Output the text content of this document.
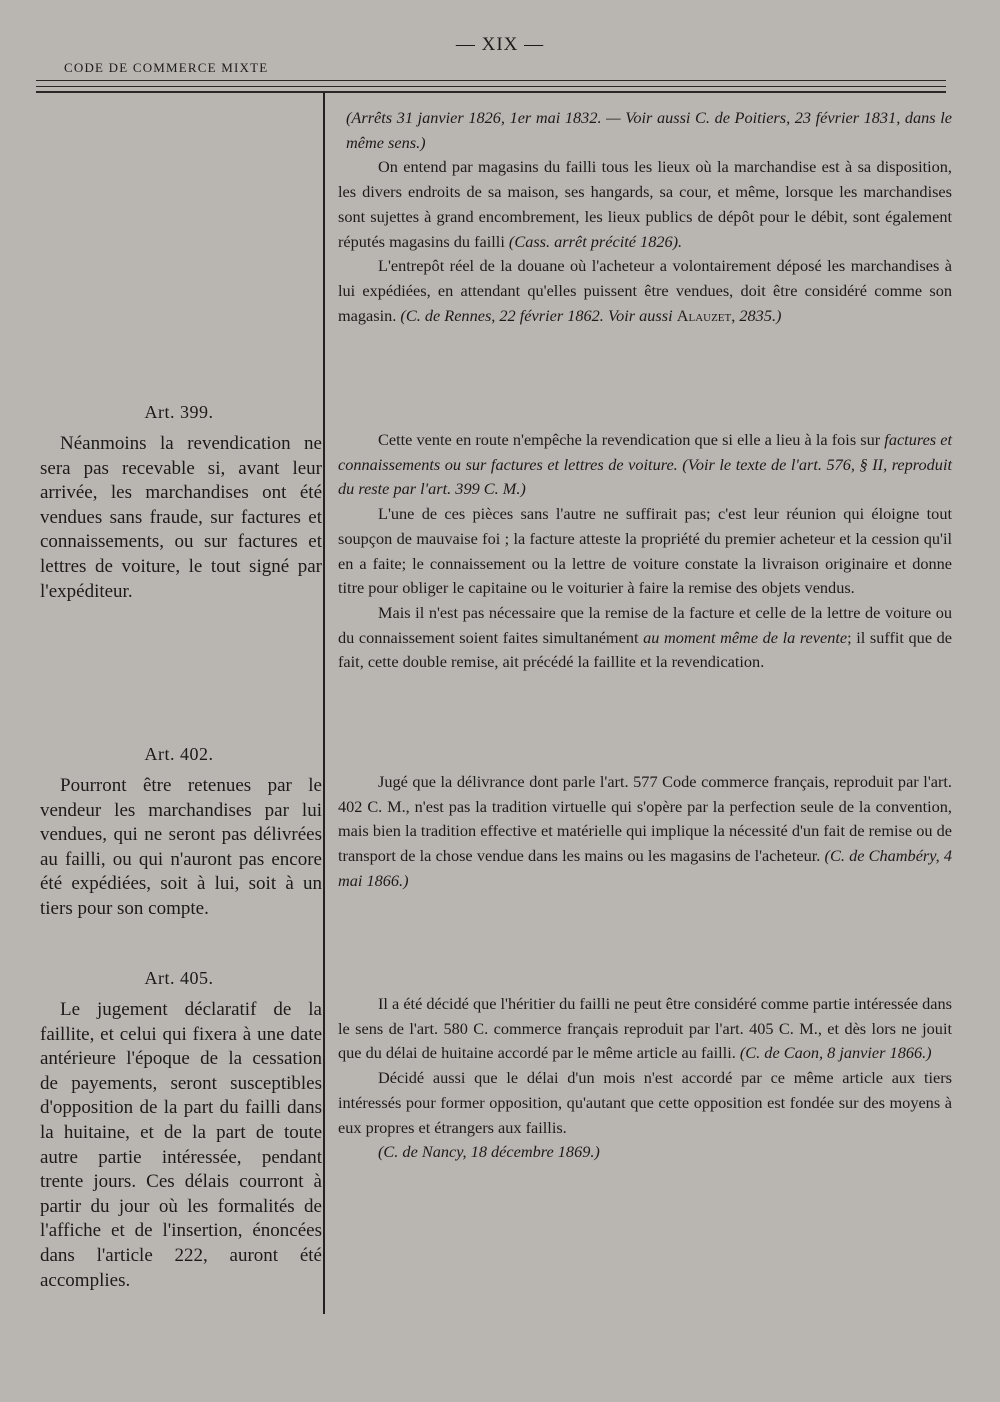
— XIX —
CODE DE COMMERCE MIXTE

(Arrêts 31 janvier 1826, 1er mai 1832. — Voir aussi C. de Poitiers, 23 février 1831, dans le même sens.)

On entend par magasins du failli tous les lieux où la marchandise est à sa disposition, les divers endroits de sa maison, ses hangards, sa cour, et même, lorsque les marchandises sont sujettes à grand encombrement, les lieux publics de dépôt pour le débit, sont également réputés magasins du failli (Cass. arrêt précité 1826).

L'entrepôt réel de la douane où l'acheteur a volontairement déposé les marchandises à lui expédiées, en attendant qu'elles puissent être vendues, doit être considéré comme son magasin. (C. de Rennes, 22 février 1862. Voir aussi Alauzet, 2835.)

Art. 399.

Néanmoins la revendication ne sera pas recevable si, avant leur arrivée, les marchandises ont été vendues sans fraude, sur factures et connaissements, ou sur factures et lettres de voiture, le tout signé par l'expéditeur.

Cette vente en route n'empêche la revendication que si elle a lieu à la fois sur factures et connaissements ou sur factures et lettres de voiture. (Voir le texte de l'art. 576, § II, reproduit du reste par l'art. 399 C. M.)

L'une de ces pièces sans l'autre ne suffirait pas; c'est leur réunion qui éloigne tout soupçon de mauvaise foi ; la facture atteste la propriété du premier acheteur et la cession qu'il en a faite; le connaissement ou la lettre de voiture constate la livraison originaire et donne titre pour obliger le capitaine ou le voiturier à faire la remise des objets vendus.

Mais il n'est pas nécessaire que la remise de la facture et celle de la lettre de voiture ou du connaissement soient faites simultanément au moment même de la revente; il suffit que de fait, cette double remise, ait précédé la faillite et la revendication.

Art. 402.

Pourront être retenues par le vendeur les marchandises par lui vendues, qui ne seront pas délivrées au failli, ou qui n'auront pas encore été expédiées, soit à lui, soit à un tiers pour son compte.

Jugé que la délivrance dont parle l'art. 577 Code commerce français, reproduit par l'art. 402 C. M., n'est pas la tradition virtuelle qui s'opère par la perfection seule de la convention, mais bien la tradition effective et matérielle qui implique la nécessité d'un fait de remise ou de transport de la chose vendue dans les mains ou les magasins de l'acheteur. (C. de Chambéry, 4 mai 1866.)

Art. 405.

Le jugement déclaratif de la faillite, et celui qui fixera à une date antérieure l'époque de la cessation de payements, seront susceptibles d'opposition de la part du failli dans la huitaine, et de la part de toute autre partie intéressée, pendant trente jours. Ces délais courront à partir du jour où les formalités de l'affiche et de l'insertion, énoncées dans l'article 222, auront été accomplies.

Il a été décidé que l'héritier du failli ne peut être considéré comme partie intéressée dans le sens de l'art. 580 C. commerce français reproduit par l'art. 405 C. M., et dès lors ne jouit que du délai de huitaine accordé par le même article au failli. (C. de Caon, 8 janvier 1866.)

Décidé aussi que le délai d'un mois n'est accordé par ce même article aux tiers intéressés pour former opposition, qu'autant que cette opposition est fondée sur des moyens à eux propres et étrangers aux faillis.

(C. de Nancy, 18 décembre 1869.)
